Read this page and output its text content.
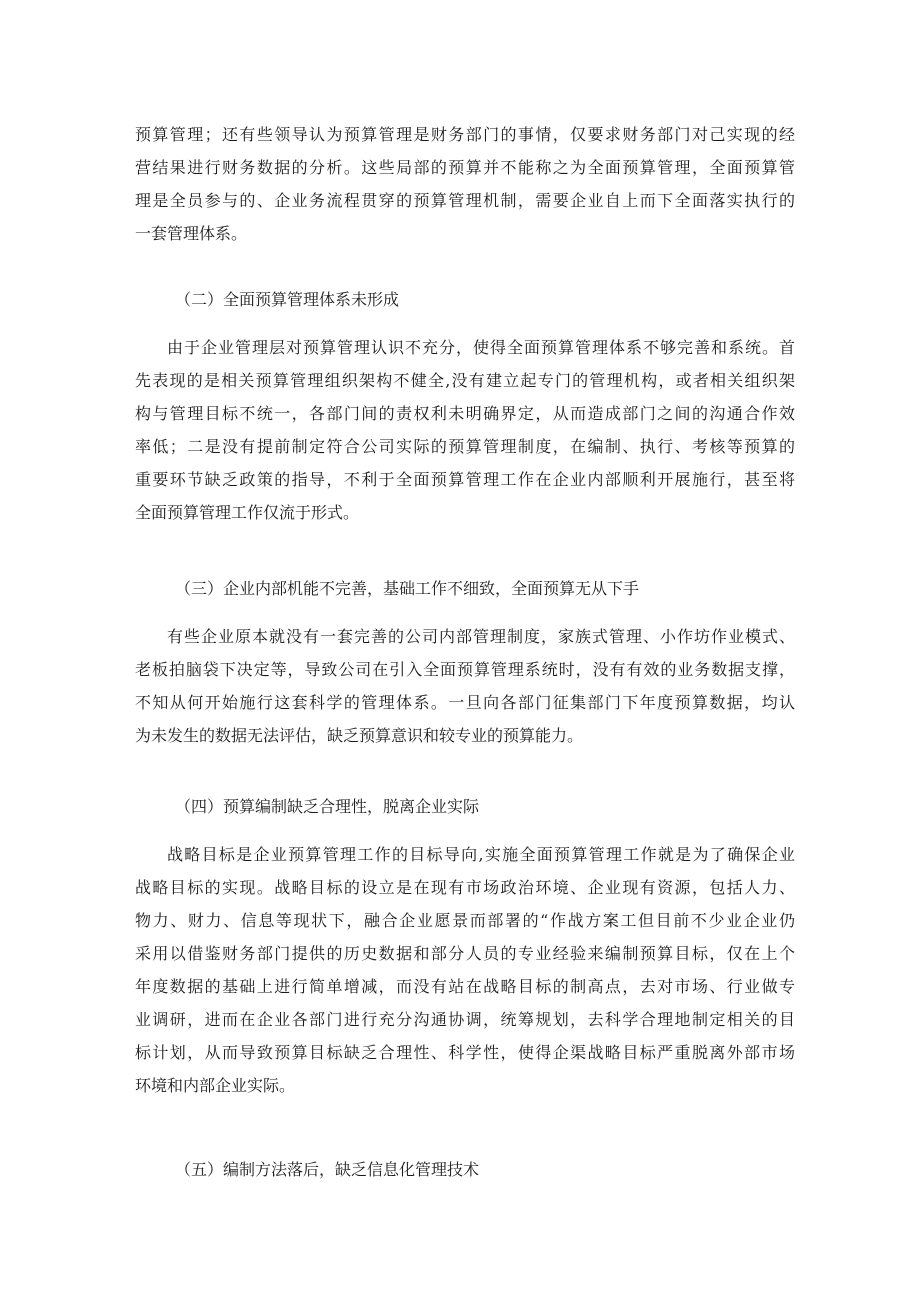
预算管理；还有些领导认为预算管理是财务部门的事情，仅要求财务部门对己实现的经
营结果进行财务数据的分析。这些局部的预算并不能称之为全面预算管理，全面预算管
理是全员参与的、企业务流程贯穿的预算管理机制，需要企业自上而下全面落实执行的
一套管理体系。
（二）全面预算管理体系未形成
由于企业管理层对预算管理认识不充分，使得全面预算管理体系不够完善和系统。首
先表现的是相关预算管理组织架构不健全,没有建立起专门的管理机构，或者相关组织架
构与管理目标不统一，各部门间的责权利未明确界定，从而造成部门之间的沟通合作效
率低；二是没有提前制定符合公司实际的预算管理制度，在编制、执行、考核等预算的
重要环节缺乏政策的指导，不利于全面预算管理工作在企业内部顺利开展施行，甚至将
全面预算管理工作仅流于形式。
（三）企业内部机能不完善，基础工作不细致，全面预算无从下手
有些企业原本就没有一套完善的公司内部管理制度，家族式管理、小作坊作业模式、
老板拍脑袋下决定等，导致公司在引入全面预算管理系统时，没有有效的业务数据支撑，
不知从何开始施行这套科学的管理体系。一旦向各部门征集部门下年度预算数据，均认
为未发生的数据无法评估，缺乏预算意识和较专业的预算能力。
（四）预算编制缺乏合理性，脱离企业实际
战略目标是企业预算管理工作的目标导向,实施全面预算管理工作就是为了确保企业
战略目标的实现。战略目标的设立是在现有市场政治环境、企业现有资源，包括人力、
物力、财力、信息等现状下，融合企业愿景而部署的“作战方案工但目前不少业企业仍
采用以借鉴财务部门提供的历史数据和部分人员的专业经验来编制预算目标，仅在上个
年度数据的基础上进行简单增减，而没有站在战略目标的制高点，去对市场、行业做专
业调研，进而在企业各部门进行充分沟通协调，统筹规划，去科学合理地制定相关的目
标计划，从而导致预算目标缺乏合理性、科学性，使得企渠战略目标严重脱离外部市场
环境和内部企业实际。
（五）编制方法落后，缺乏信息化管理技术
